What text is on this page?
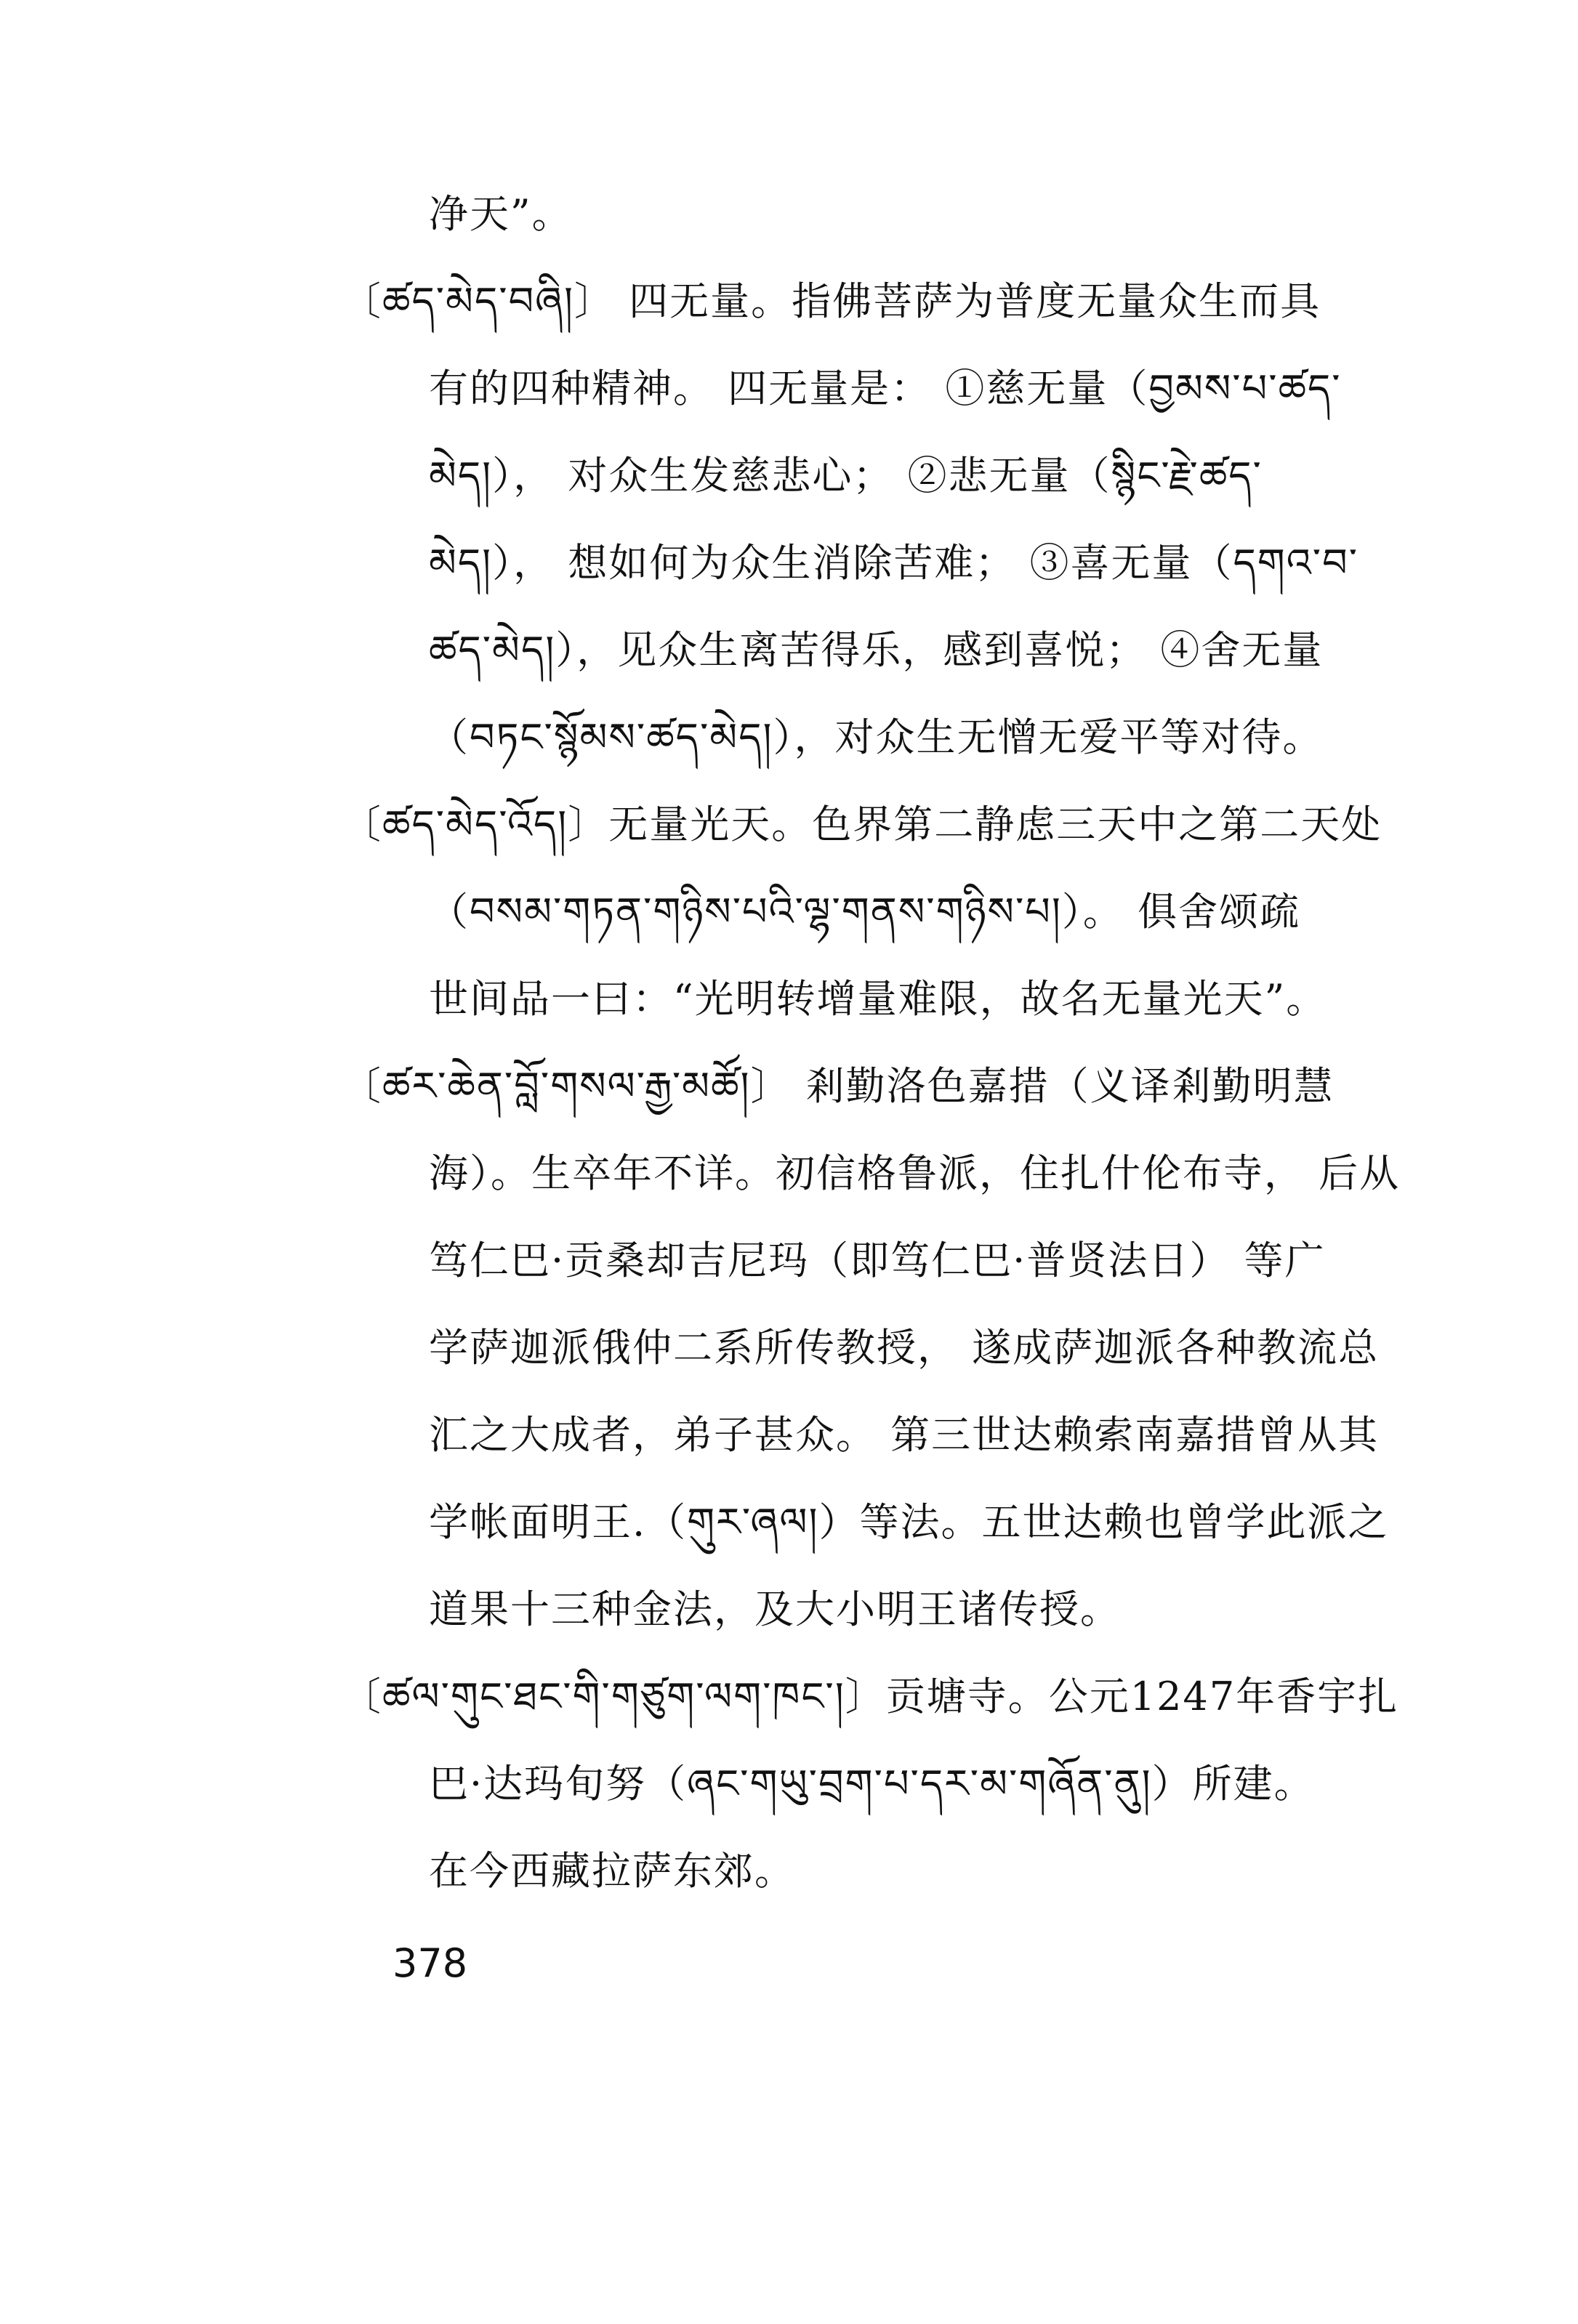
净天”。
〔ཚད་མེད་བཞི།〕 四无量。指佛菩萨为普度无量众生而具
有的四种精神。 四无量是： ①慈无量（བྱམས་པ་ཚད་
མེད།）， 对众生发慈悲心； ②悲无量（སྙིང་རྗེ་ཚད་
མེད།）， 想如何为众生消除苦难； ③喜无量（དགའ་བ་
ཚད་མེད།），见众生离苦得乐，感到喜悦； ④舍无量
（བཏང་སྙོམས་ཚད་མེད།），对众生无憎无爱平等对待。
〔ཚད་མེད་འོད།〕无量光天。色界第二静虑三天中之第二天处
（བསམ་གཏན་གཉིས་པའི་ལྷ་གནས་གཉིས་པ།）。 俱舍颂疏
世间品一曰：“光明转增量难限，故名无量光天”。
〔ཚར་ཆེན་བློ་གསལ་རྒྱ་མཚོ།〕 剎勤洛色嘉措（义译剎勤明慧
海）。生卒年不详。初信格鲁派，住扎什伦布寺， 后从
笃仁巴·贡桑却吉尼玛（即笃仁巴·普贤法日） 等广
学萨迦派俄仲二系所传教授， 遂成萨迦派各种教流总
汇之大成者，弟子甚众。 第三世达赖索南嘉措曾从其
学帐面明王.（གུར་ཞལ།）等法。五世达赖也曾学此派之
道果十三种金法，及大小明王诸传授。
〔ཚལ་གུང་ཐང་གི་གཙུག་ལག་ཁང་།〕贡塘寺。公元1247年香宇扎
巴·达玛旬努（ཞང་གཡུ་བྲག་པ་དར་མ་གཞོན་ནུ།）所建。
在今西藏拉萨东郊。
378
